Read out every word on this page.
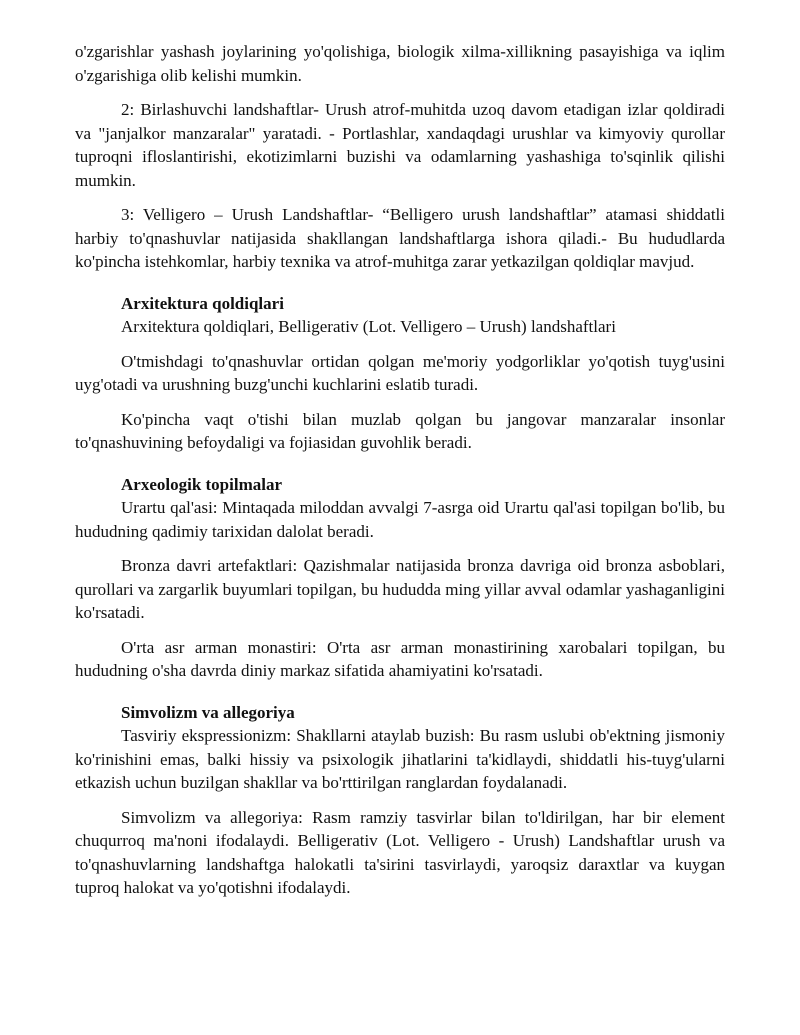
o'zgarishlar yashash joylarining yo'qolishiga, biologik xilma-xillikning pasayishiga va iqlim o'zgarishiga olib kelishi mumkin.

2: Birlashuvchi landshaftlar- Urush atrof-muhitda uzoq davom etadigan izlar qoldiradi va "janjalkor manzaralar" yaratadi. - Portlashlar, xandaqdagi urushlar va kimyoviy qurollar tuproqni ifloslantirishi, ekotizimlarni buzishi va odamlarning yashashiga to'sqinlik qilishi mumkin.

3: Velligero – Urush Landshaftlar- “Belligero urush landshaftlar” atamasi shiddatli harbiy to'qnashuvlar natijasida shakllangan landshaftlarga ishora qiladi.- Bu hududlarda ko'pincha istehkomlar, harbiy texnika va atrof-muhitga zarar yetkazilgan qoldiqlar mavjud.

Arxitektura qoldiqlari

Arxitektura qoldiqlari, Belligerativ (Lot. Velligero – Urush) landshaftlari

O'tmishdagi to'qnashuvlar ortidan qolgan me'moriy yodgorliklar yo'qotish tuyg'usini uyg'otadi va urushning buzg'unchi kuchlarini eslatib turadi.

Ko'pincha vaqt o'tishi bilan muzlab qolgan bu jangovar manzaralar insonlar to'qnashuvining befoydaligi va fojiasidan guvohlik beradi.

Arxeologik topilmalar

Urartu qal'asi: Mintaqada miloddan avvalgi 7-asrga oid Urartu qal'asi topilgan bo'lib, bu hududning qadimiy tarixidan dalolat beradi.

Bronza davri artefaktlari: Qazishmalar natijasida bronza davriga oid bronza asboblari, qurollari va zargarlik buyumlari topilgan, bu hududda ming yillar avval odamlar yashaganligini ko'rsatadi.

O'rta asr arman monastiri: O'rta asr arman monastirining xarobalari topilgan, bu hududning o'sha davrda diniy markaz sifatida ahamiyatini ko'rsatadi.

Simvolizm va allegoriya

Tasviriy ekspressionizm: Shakllarni ataylab buzish: Bu rasm uslubi ob'ektning jismoniy ko'rinishini emas, balki hissiy va psixologik jihatlarini ta'kidlaydi, shiddatli his-tuyg'ularni etkazish uchun buzilgan shakllar va bo'rttirilgan ranglardan foydalanadi.

Simvolizm va allegoriya: Rasm ramziy tasvirlar bilan to'ldirilgan, har bir element chuqurroq ma'noni ifodalaydi. Belligerativ (Lot. Velligero - Urush) Landshaftlar urush va to'qnashuvlarning landshaftga halokatli ta'sirini tasvirlaydi, yaroqsiz daraxtlar va kuygan tuproq halokat va yo'qotishni ifodalaydi.
